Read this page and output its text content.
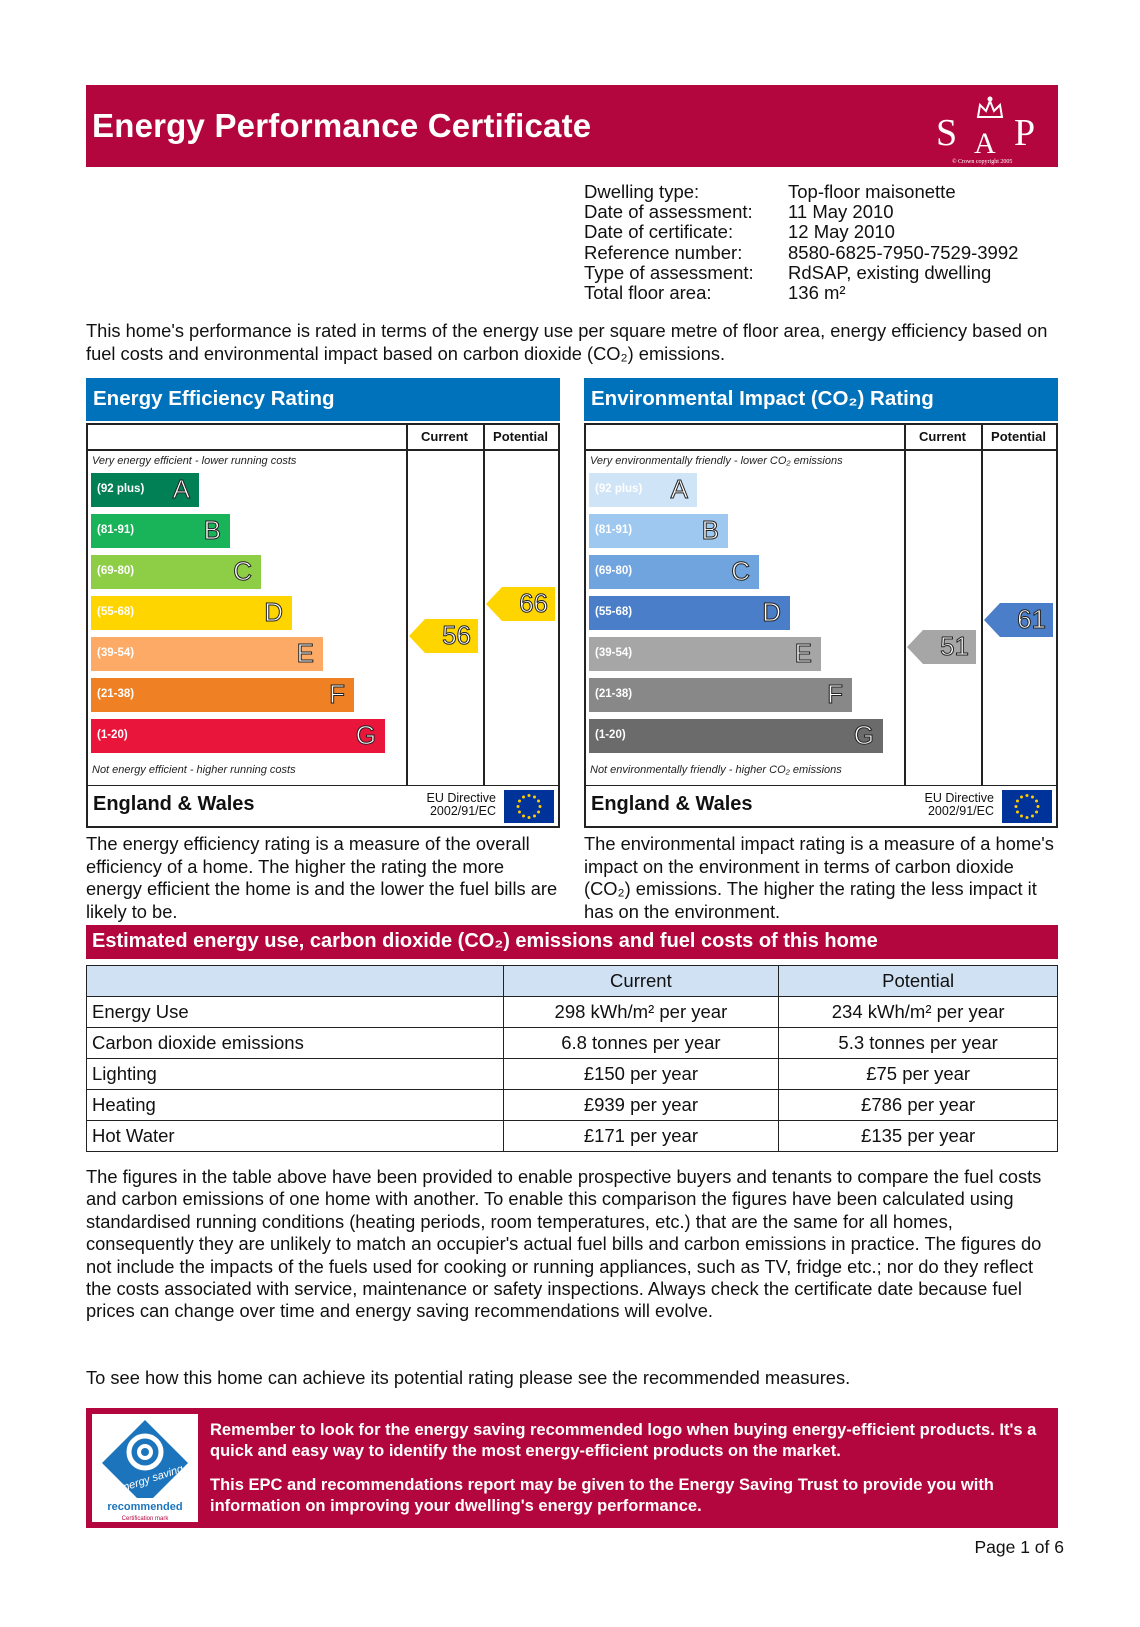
Energy Performance Certificate	S A P
© Crown copyright 2005
Dwelling type:	Top-floor maisonette
Date of assessment:	11 May 2010
Date of certificate:	12 May 2010
Reference number:	8580-6825-7950-7529-3992
Type of assessment:	RdSAP, existing dwelling
Total floor area:	136 m²
This home's performance is rated in terms of the energy use per square metre of floor area, energy efficiency based on fuel costs and environmental impact based on carbon dioxide (CO₂) emissions.
Energy Efficiency Rating
Current	Potential
Very energy efficient - lower running costs
(92 plus) A
(81-91)	B
(69-80)	C
(55-68)	D
(39-54)	E
(21-38)	F
(1-20)	G
Not energy efficient - higher running costs
56
66
England & Wales	EU Directive
2002/91/EC
Environmental Impact (CO₂) Rating
Current	Potential
Very environmentally friendly - lower CO₂ emissions
(92 plus) A
(81-91)	B
(69-80)	C
(55-68)	D
(39-54)	E
(21-38)	F
(1-20)	G
Not environmentally friendly - higher CO₂ emissions
51
61
England & Wales	EU Directive
2002/91/EC
The energy efficiency rating is a measure of the overall efficiency of a home. The higher the rating the more energy efficient the home is and the lower the fuel bills are likely to be.
The environmental impact rating is a measure of a home's impact on the environment in terms of carbon dioxide (CO₂) emissions. The higher the rating the less impact it has on the environment.
Estimated energy use, carbon dioxide (CO₂) emissions and fuel costs of this home
	Current	Potential
Energy Use	298 kWh/m² per year	234 kWh/m² per year
Carbon dioxide emissions	6.8 tonnes per year	5.3 tonnes per year
Lighting	£150 per year	£75 per year
Heating	£939 per year	£786 per year
Hot Water	£171 per year	£135 per year
The figures in the table above have been provided to enable prospective buyers and tenants to compare the fuel costs and carbon emissions of one home with another. To enable this comparison the figures have been calculated using standardised running conditions (heating periods, room temperatures, etc.) that are the same for all homes, consequently they are unlikely to match an occupier's actual fuel bills and carbon emissions in practice. The figures do not include the impacts of the fuels used for cooking or running appliances, such as TV, fridge etc.; nor do they reflect the costs associated with service, maintenance or safety inspections. Always check the certificate date because fuel prices can change over time and energy saving recommendations will evolve.
To see how this home can achieve its potential rating please see the recommended measures.
energy saving
recommended
Certification mark
Remember to look for the energy saving recommended logo when buying energy-efficient products. It's a quick and easy way to identify the most energy-efficient products on the market.
This EPC and recommendations report may be given to the Energy Saving Trust to provide you with information on improving your dwelling's energy performance.
Page 1 of 6
